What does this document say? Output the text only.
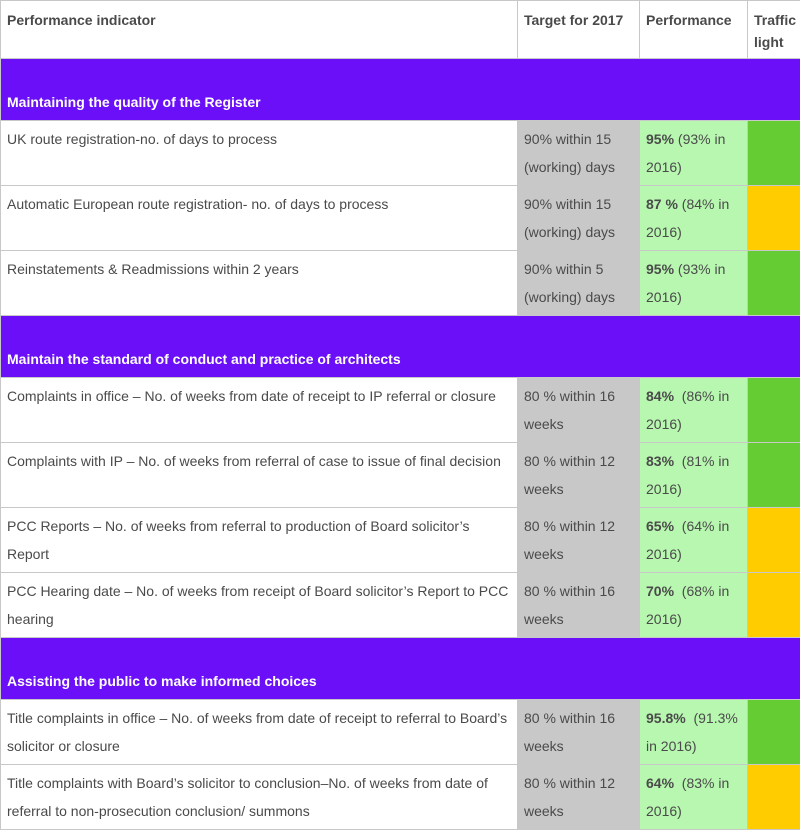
Performance indicator	Target for 2017	Performance	Traffic light
Maintaining the quality of the Register			
UK route registration-no. of days to process	90% within 15 (working) days	95% (93% in 2016)	
Automatic European route registration- no. of days to process	90% within 15 (working) days	87 % (84% in 2016)	
Reinstatements & Readmissions within 2 years	90% within 5 (working) days	95% (93% in 2016)	
Maintain the standard of conduct and practice of architects			
Complaints in office – No. of weeks from date of receipt to IP referral or closure	80 % within 16 weeks	84%  (86% in 2016)	
Complaints with IP – No. of weeks from referral of case to issue of final decision	80 % within 12 weeks	83%  (81% in 2016)	
PCC Reports – No. of weeks from referral to production of Board solicitor’s Report	80 % within 12 weeks	65%  (64% in 2016)	
PCC Hearing date – No. of weeks from receipt of Board solicitor’s Report to PCC hearing	80 % within 16 weeks	70%  (68% in 2016)	
Assisting the public to make informed choices			
Title complaints in office – No. of weeks from date of receipt to referral to Board’s solicitor or closure	80 % within 16 weeks	95.8%  (91.3% in 2016)	
Title complaints with Board’s solicitor to conclusion–No. of weeks from date of referral to non-prosecution conclusion/ summons	80 % within 12 weeks	64%  (83% in 2016)	
